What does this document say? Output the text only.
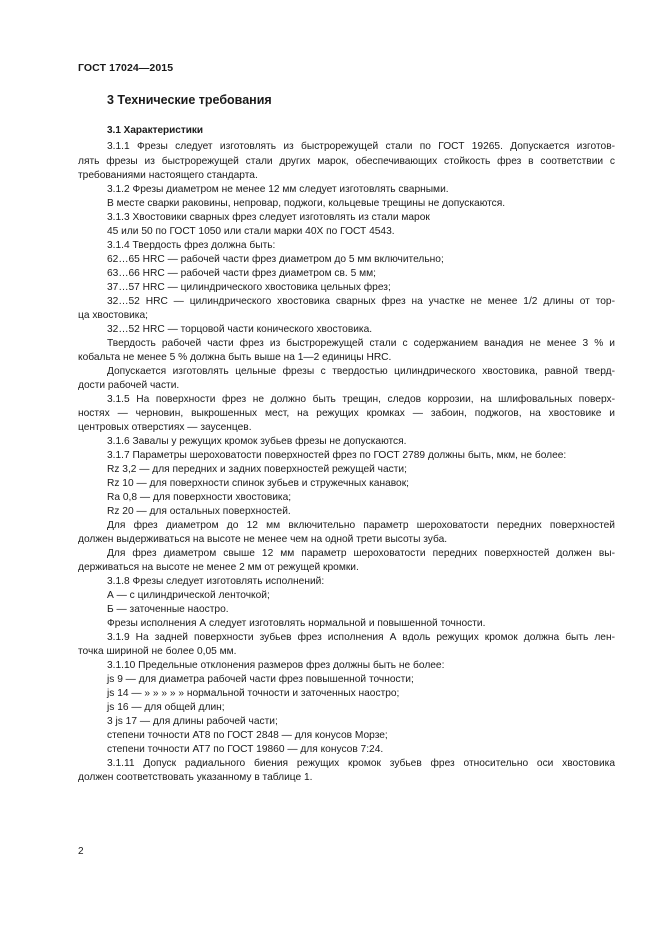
ГОСТ 17024—2015
3 Технические требования
3.1 Характеристики
3.1.1 Фрезы следует изготовлять из быстрорежущей стали по ГОСТ 19265. Допускается изготов-
лять фрезы из быстрорежущей стали других марок, обеспечивающих стойкость фрез в соответствии с
требованиями настоящего стандарта.
3.1.2 Фрезы диаметром не менее 12 мм следует изготовлять сварными.
В месте сварки раковины, непровар, поджоги, кольцевые трещины не допускаются.
3.1.3 Хвостовики сварных фрез следует изготовлять из стали марок
45 или 50 по ГОСТ 1050 или стали марки 40Х по ГОСТ 4543.
3.1.4 Твердость фрез должна быть:
62…65 HRC — рабочей части фрез диаметром до 5 мм включительно;
63…66 HRC — рабочей части фрез диаметром св. 5 мм;
37…57 HRC — цилиндрического хвостовика цельных фрез;
32…52 HRC — цилиндрического хвостовика сварных фрез на участке не менее 1/2 длины от тор-
ца хвостовика;
32…52 HRC — торцовой части конического хвостовика.
Твердость рабочей части фрез из быстрорежущей стали с содержанием ванадия не менее 3 % и
кобальта не менее 5 % должна быть выше на 1—2 единицы HRC.
Допускается изготовлять цельные фрезы с твердостью цилиндрического хвостовика, равной тверд-
дости рабочей части.
3.1.5 На поверхности фрез не должно быть трещин, следов коррозии, на шлифовальных поверх-
ностях — черновин, выкрошенных мест, на режущих кромках — забоин, поджогов, на хвостовике и
центровых отверстиях — заусенцев.
3.1.6 Завалы у режущих кромок зубьев фрезы не допускаются.
3.1.7 Параметры шероховатости поверхностей фрез по ГОСТ 2789 должны быть, мкм, не более:
Rz 3,2 — для передних и задних поверхностей режущей части;
Rz 10 — для поверхности спинок зубьев и стружечных канавок;
Ra 0,8 — для поверхности хвостовика;
Rz 20 — для остальных поверхностей.
Для фрез диаметром до 12 мм включительно параметр шероховатости передних поверхностей
должен выдерживаться на высоте не менее чем на одной трети высоты зуба.
Для фрез диаметром свыше 12 мм параметр шероховатости передних поверхностей должен вы-
держиваться на высоте не менее 2 мм от режущей кромки.
3.1.8 Фрезы следует изготовлять исполнений:
А — с цилиндрической ленточкой;
Б — заточенные наостро.
Фрезы исполнения А следует изготовлять нормальной и повышенной точности.
3.1.9 На задней поверхности зубьев фрез исполнения А вдоль режущих кромок должна быть лен-
точка шириной не более 0,05 мм.
3.1.10 Предельные отклонения размеров фрез должны быть не более:
js 9 — для диаметра рабочей части фрез повышенной точности;
js 14 — » » » » » нормальной точности и заточенных наостро;
js 16 — для общей длин;
3 js 17 — для длины рабочей части;
степени точности АТ8 по ГОСТ 2848 — для конусов Морзе;
степени точности АТ7 по ГОСТ 19860 — для конусов 7:24.
3.1.11 Допуск радиального биения режущих кромок зубьев фрез относительно оси хвостовика
должен соответствовать указанному в таблице 1.
2
